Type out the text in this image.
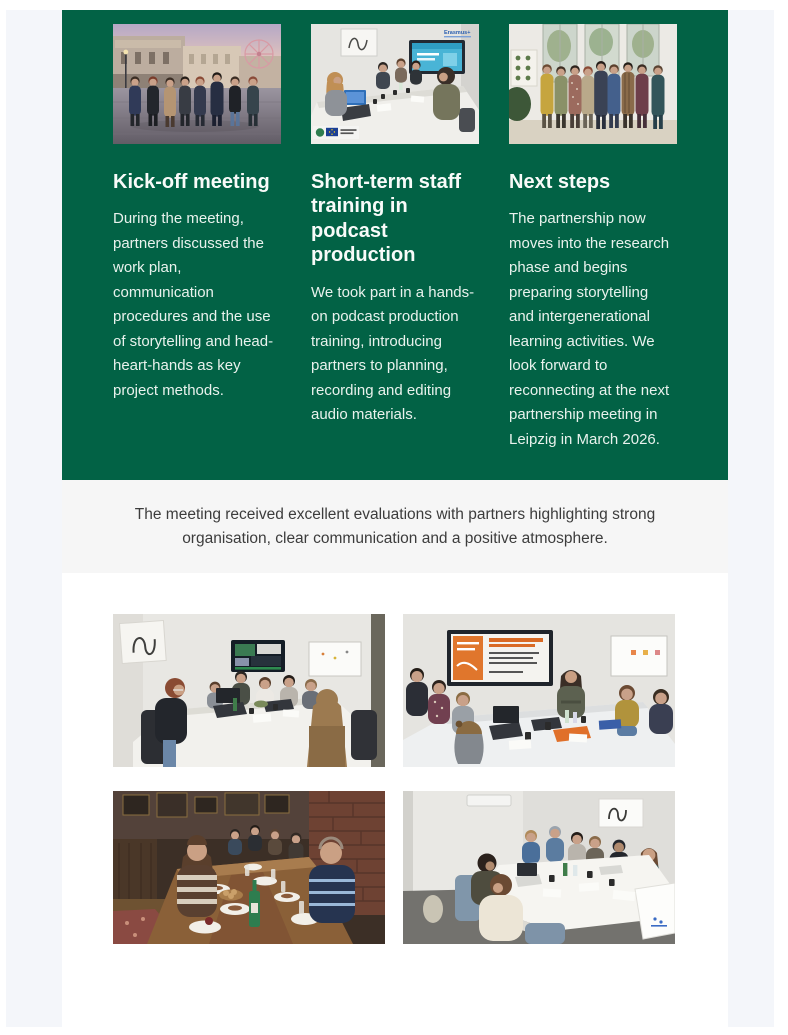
Kick-off meeting

During the meeting, partners discussed the work plan, communication procedures and the use of storytelling and head-heart-hands as key project methods.

Erasmus+
Short-term staff training in podcast production

We took part in a hands-on podcast production training, introducing partners to planning, recording and editing audio materials.

Next steps

The partnership now moves into the research phase and begins preparing storytelling and intergenerational learning activities. We look forward to reconnecting at the next partnership meeting in Leipzig in March 2026.

The meeting received excellent evaluations with partners highlighting strong organisation, clear communication and a positive atmosphere.
